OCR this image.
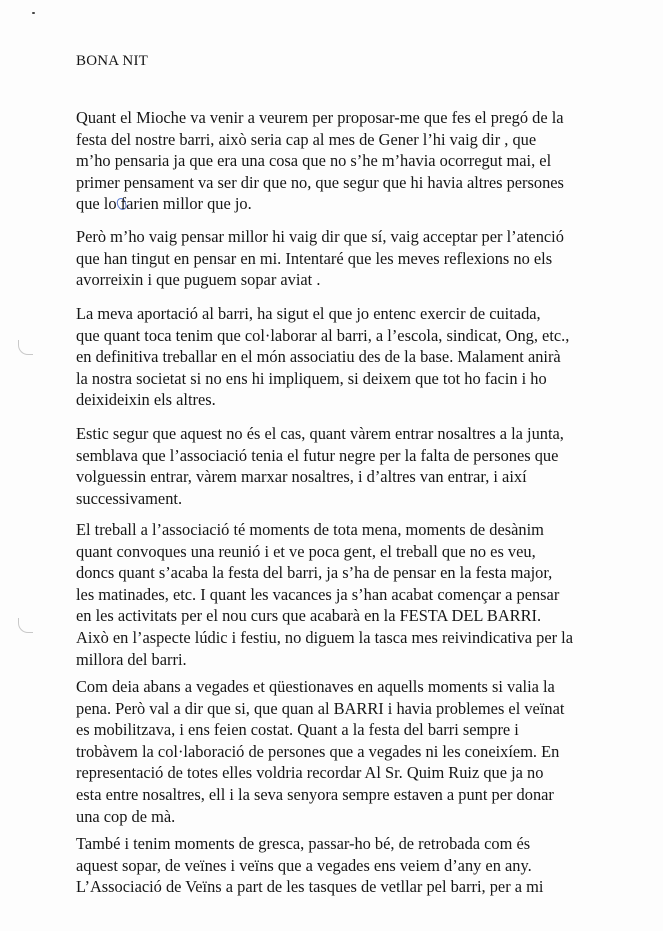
BONA NIT

Quant el Mioche va venir a veurem per proposar-me que fes el pregó de la
festa del nostre barri, això seria cap al mes de Gener l’hi vaig dir , que
m’ho pensaria ja que era una cosa que no s’he m’havia ocorregut mai, el
primer pensament va ser dir que no, que segur que hi havia altres persones
que lo farien millor que jo.

Però m’ho vaig pensar millor hi vaig dir que sí, vaig acceptar per l’atenció
que han tingut en pensar en mi. Intentaré que les meves reflexions no els
avorreixin i que puguem sopar aviat .

La meva aportació al barri, ha sigut el que jo entenc exercir de cuitada,
que quant toca tenim que col·laborar al barri, a l’escola, sindicat, Ong, etc.,
en definitiva treballar en el món associatiu des de la base. Malament anirà
la nostra societat si no ens hi impliquem, si deixem que tot ho facin i ho
deixideixin els altres.

Estic segur que aquest no és el cas, quant vàrem entrar nosaltres a la junta,
semblava que l’associació tenia el futur negre per la falta de persones que
volguessin entrar, vàrem marxar nosaltres, i d’altres van entrar, i així
successivament.

El treball a l’associació té moments de tota mena, moments de desànim
quant convoques una reunió i et ve poca gent, el treball que no es veu,
doncs quant s’acaba la festa del barri, ja s’ha de pensar en la festa major,
les matinades, etc. I quant les vacances ja s’han acabat començar a pensar
en les activitats per el nou curs que acabarà en la FESTA DEL BARRI.
Això en l’aspecte lúdic i festiu, no diguem la tasca mes reivindicativa per la
millora del barri.

Com deia abans a vegades et qüestionaves en aquells moments si valia la
pena. Però val a dir que si, que quan al BARRI i havia problemes el veïnat
es mobilitzava, i ens feien costat. Quant a la festa del barri sempre i
trobàvem la col·laboració de persones que a vegades ni les coneixíem. En
representació de totes elles voldria recordar Al Sr. Quim Ruiz que ja no
esta entre nosaltres, ell i la seva senyora sempre estaven a punt per donar
una cop de mà.

També i tenim moments de gresca, passar-ho bé, de retrobada com és
aquest sopar, de veïnes i veïns que a vegades ens veiem d’any en any.
L’Associació de Veïns a part de les tasques de vetllar pel barri, per a mi
